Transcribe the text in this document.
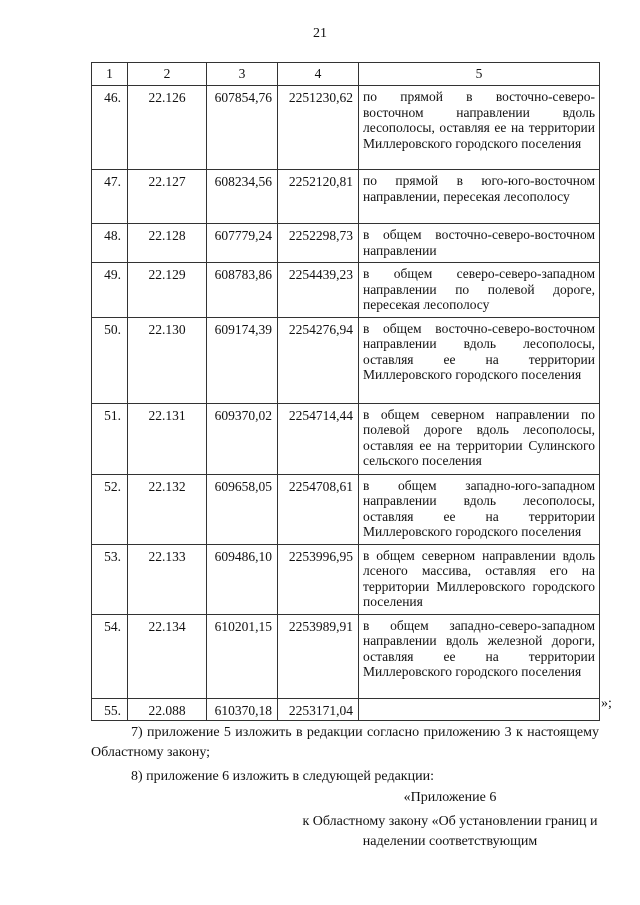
21
1	2	3	4	5
46.	22.126	607854,76	2251230,62	по прямой в восточно-северо-восточном направлении вдоль лесополосы, оставляя ее на территории Миллеровского городского поселения
47.	22.127	608234,56	2252120,81	по прямой в юго-юго-восточном направлении, пересекая лесополосу
48.	22.128	607779,24	2252298,73	в общем восточно-северо-восточном направлении
49.	22.129	608783,86	2254439,23	в общем северо-северо-западном направлении по полевой дороге, пересекая лесополосу
50.	22.130	609174,39	2254276,94	в общем восточно-северо-восточном направлении вдоль лесополосы, оставляя ее на территории Миллеровского городского поселения
51.	22.131	609370,02	2254714,44	в общем северном направлении по полевой дороге вдоль лесополосы, оставляя ее на территории Сулинского сельского поселения
52.	22.132	609658,05	2254708,61	в общем западно-юго-западном направлении вдоль лесополосы, оставляя ее на территории Миллеровского городского поселения
53.	22.133	609486,10	2253996,95	в общем северном направлении вдоль лсеного массива, оставляя его на территории Миллеровского городского поселения
54.	22.134	610201,15	2253989,91	в общем западно-северо-западном направлении вдоль железной дороги, оставляя ее на территории Миллеровского городского поселения
55.	22.088	610370,18	2253171,04		»;

7) приложение 5 изложить в редакции согласно приложению 3 к настоящему Областному закону;

8) приложение 6 изложить в следующей редакции:

«Приложение 6
к Областному закону «Об установлении границ и наделении соответствующим
